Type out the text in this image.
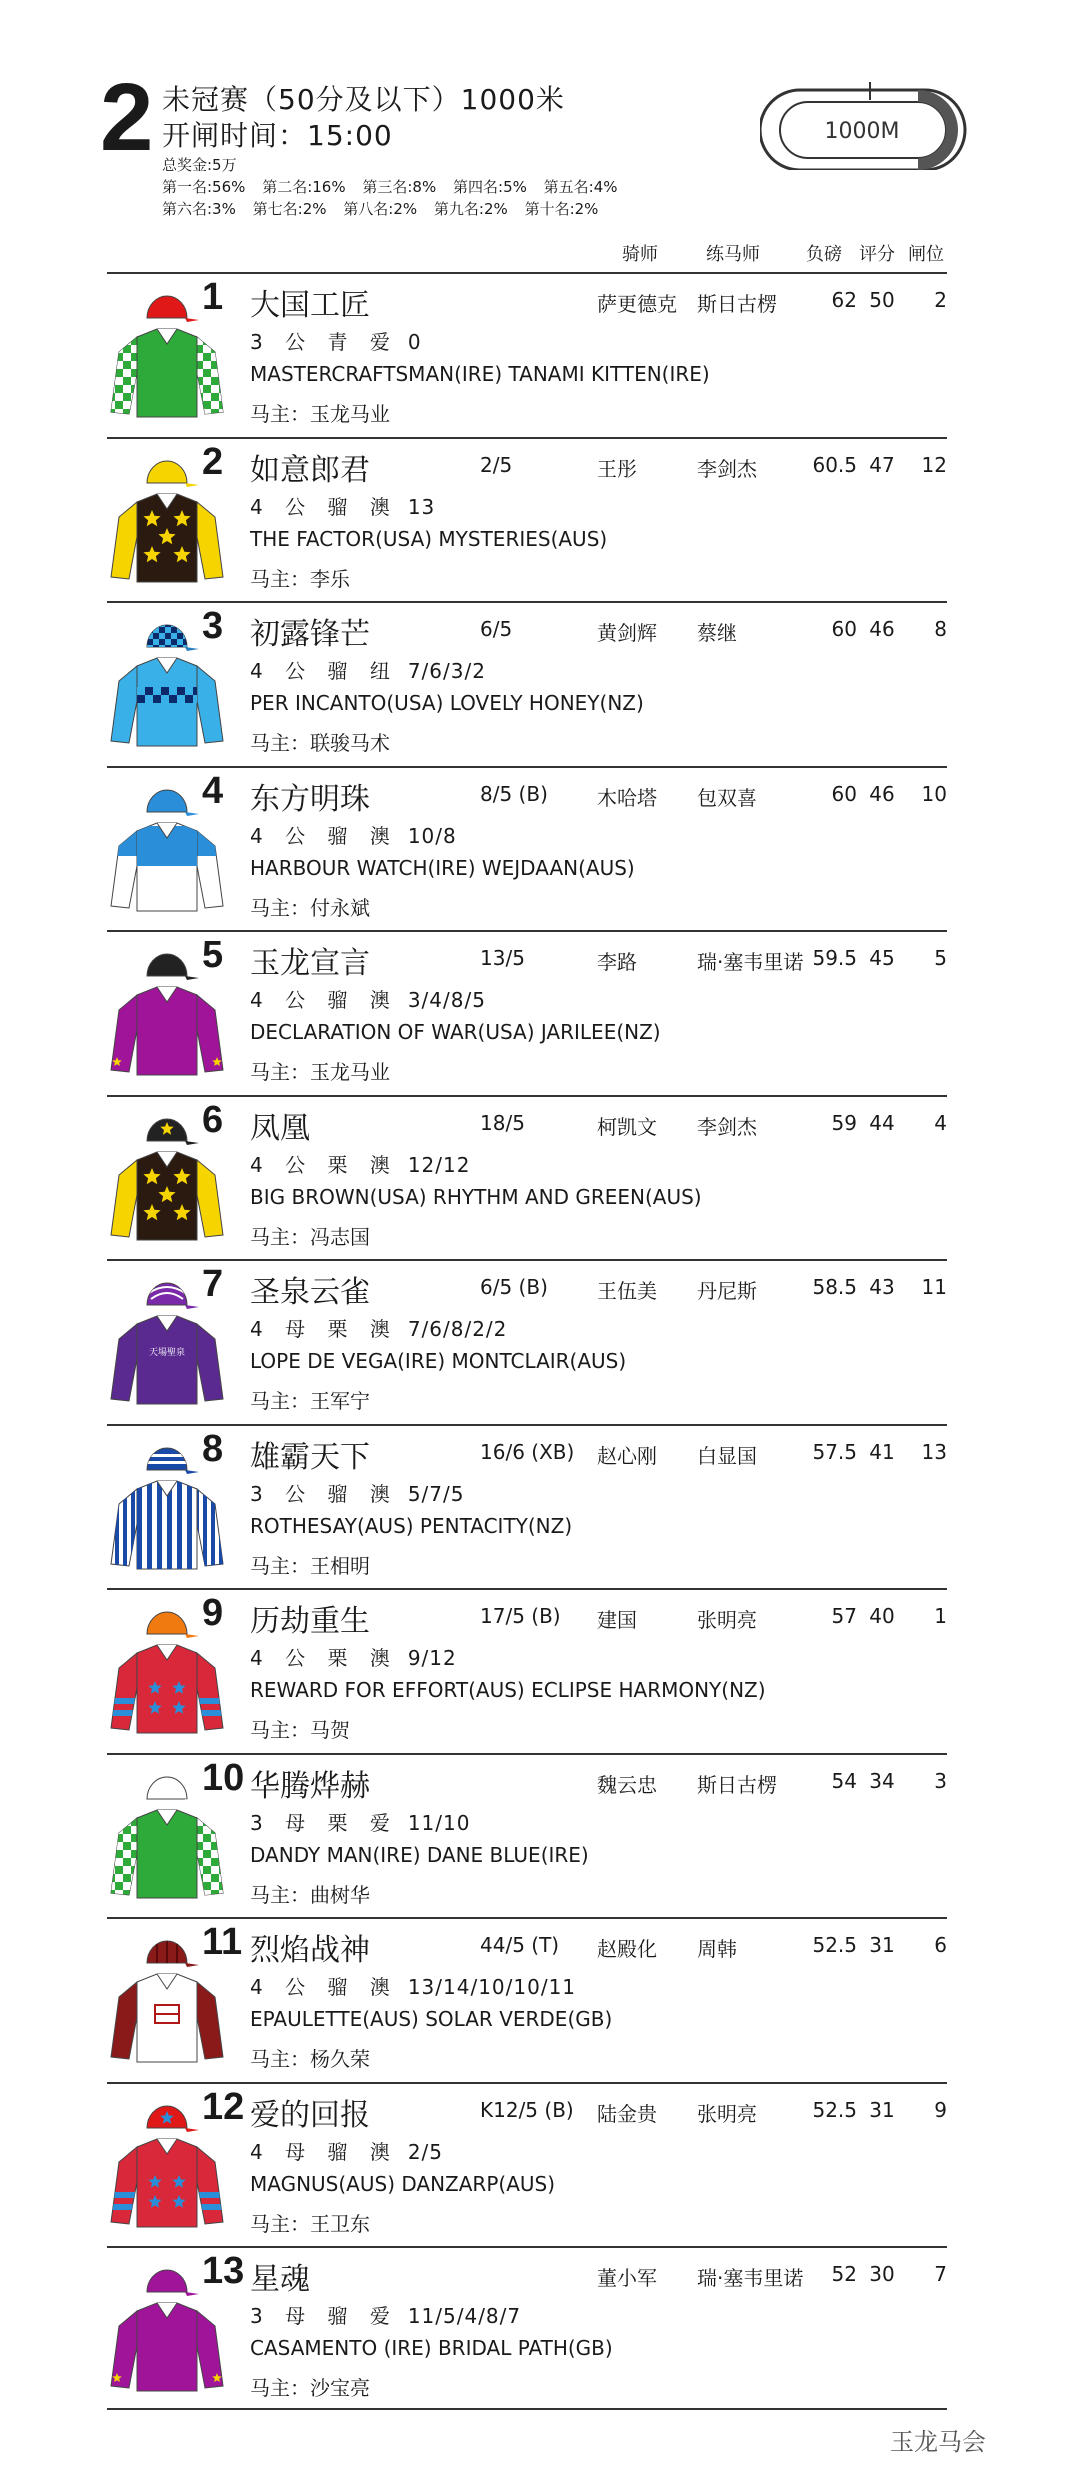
2 未冠赛（50分及以下）1000米
开闸时间：15:00
总奖金:5万
第一名:56% 第二名:16% 第三名:8% 第四名:5% 第五名:4%
第六名:3% 第七名:2% 第八名:2% 第九名:2% 第十名:2%
1000M
骑师	练马师	负磅 评分 闸位
1 大国工匠	萨更德克 斯日古楞	62 50	2
3 公 青 爱 0
MASTERCRAFTSMAN(IRE) TANAMI KITTEN(IRE)
马主：玉龙马业
2 如意郎君	2/5	王彤	李剑杰	60.5 47	12
4 公 骝 澳 13
THE FACTOR(USA) MYSTERIES(AUS)
马主：李乐
3 初露锋芒	6/5	黄剑辉 蔡继	60 46	8
4 公 骝 纽 7/6/3/2
PER INCANTO(USA) LOVELY HONEY(NZ)
马主：联骏马术
4 东方明珠	8/5 (B) 木哈塔 包双喜	60 46	10
4 公 骝 澳 10/8
HARBOUR WATCH(IRE) WEJDAAN(AUS)
马主：付永斌
5 玉龙宣言	13/5	李路	瑞·塞韦里诺 59.5 45	5
4 公 骝 澳 3/4/8/5
DECLARATION OF WAR(USA) JARILEE(NZ)
马主：玉龙马业
6 凤凰	18/5	柯凯文 李剑杰	59 44	4
4 公 栗 澳 12/12
BIG BROWN(USA) RHYTHM AND GREEN(AUS)
马主：冯志国
天場聖泉
7 圣泉云雀	6/5 (B) 王伍美 丹尼斯	58.5 43	11
4 母 栗 澳 7/6/8/2/2
LOPE DE VEGA(IRE) MONTCLAIR(AUS)
马主：王军宁
8 雄霸天下	16/6 (XB) 赵心刚 白显国	57.5 41	13
3 公 骝 澳 5/7/5
ROTHESAY(AUS) PENTACITY(NZ)
马主：王相明
9 历劫重生	17/5 (B) 建国	张明亮	57 40	1
4 公 栗 澳 9/12
REWARD FOR EFFORT(AUS) ECLIPSE HARMONY(NZ)
马主：马贺
10 华腾烨赫	魏云忠 斯日古楞	54 34	3
3 母 栗 爱 11/10
DANDY MAN(IRE) DANE BLUE(IRE)
马主：曲树华
11 烈焰战神	44/5 (T) 赵殿化 周韩	52.5 31	6
4 公 骝 澳 13/14/10/10/11
EPAULETTE(AUS) SOLAR VERDE(GB)
马主：杨久荣
12 爱的回报	K12/5 (B) 陆金贵 张明亮	52.5 31	9
4 母 骝 澳 2/5
MAGNUS(AUS) DANZARP(AUS)
马主：王卫东
13 星魂	董小军 瑞·塞韦里诺	52 30	7
3 母 骝 爱 11/5/4/8/7
CASAMENTO (IRE) BRIDAL PATH(GB)
马主：沙宝亮
玉龙马会
